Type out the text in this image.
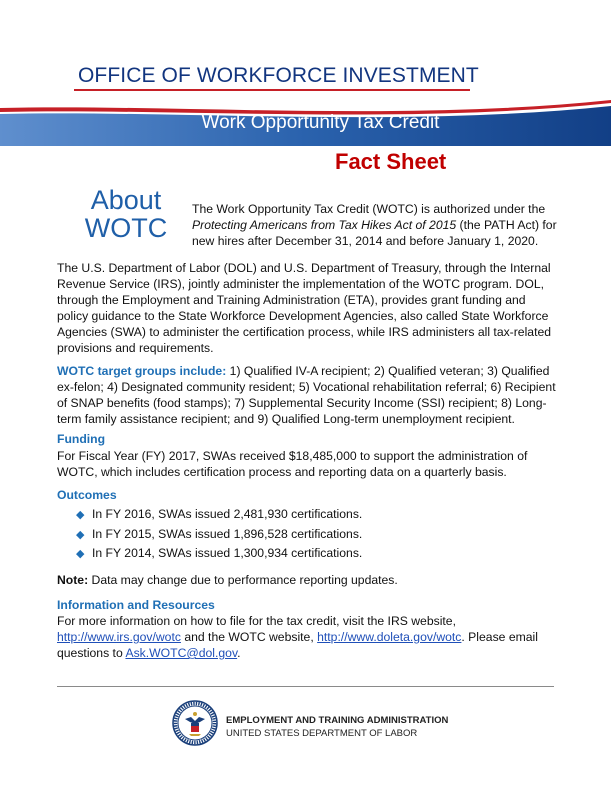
OFFICE OF WORKFORCE INVESTMENT
Work Opportunity Tax Credit
Fact Sheet
About
WOTC
The Work Opportunity Tax Credit (WOTC) is authorized under the Protecting Americans from Tax Hikes Act of 2015 (the PATH Act) for new hires after December 31, 2014 and before January 1, 2020.
The U.S. Department of Labor (DOL) and U.S. Department of Treasury, through the Internal Revenue Service (IRS), jointly administer the implementation of the WOTC program. DOL, through the Employment and Training Administration (ETA), provides grant funding and policy guidance to the State Workforce Development Agencies, also called State Workforce Agencies (SWA) to administer the certification process, while IRS administers all tax-related provisions and requirements.
WOTC target groups include: 1) Qualified IV-A recipient; 2) Qualified veteran; 3) Qualified ex-felon; 4) Designated community resident; 5) Vocational rehabilitation referral; 6) Recipient of SNAP benefits (food stamps); 7) Supplemental Security Income (SSI) recipient; 8) Long-term family assistance recipient; and 9) Qualified Long-term unemployment recipient.
Funding
For Fiscal Year (FY) 2017, SWAs received $18,485,000 to support the administration of WOTC, which includes certification process and reporting data on a quarterly basis.
Outcomes
◆ In FY 2016, SWAs issued 2,481,930 certifications.
◆ In FY 2015, SWAs issued 1,896,528 certifications.
◆ In FY 2014, SWAs issued 1,300,934 certifications.
Note: Data may change due to performance reporting updates.
Information and Resources
For more information on how to file for the tax credit, visit the IRS website, http://www.irs.gov/wotc and the WOTC website, http://www.doleta.gov/wotc. Please email questions to Ask.WOTC@dol.gov.
EMPLOYMENT AND TRAINING ADMINISTRATION
UNITED STATES DEPARTMENT OF LABOR
